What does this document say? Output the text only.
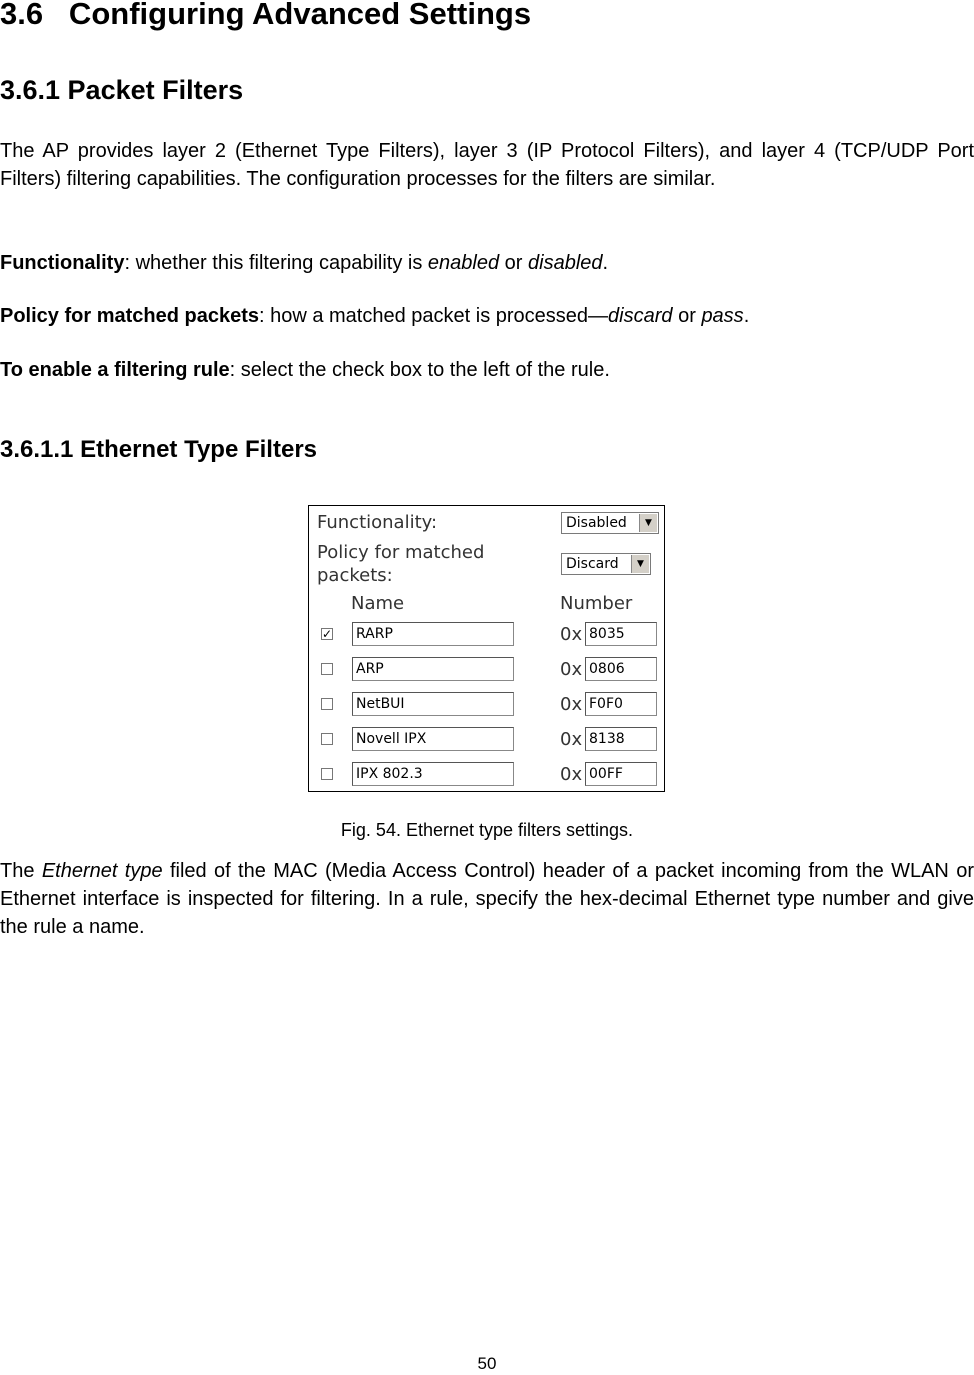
3.6   Configuring Advanced Settings
3.6.1 Packet Filters
The AP provides layer 2 (Ethernet Type Filters), layer 3 (IP Protocol Filters), and layer 4 (TCP/UDP Port Filters) filtering capabilities. The configuration processes for the filters are similar.
Functionality: whether this filtering capability is enabled or disabled.
Policy for matched packets: how a matched packet is processed—discard or pass.
To enable a filtering rule: select the check box to the left of the rule.
3.6.1.1 Ethernet Type Filters
Functionality:	Disabled	▼
Policy for matched
packets:
Discard	▼
Name	Number
✓ RARP	0x 8035
ARP	0x 0806
NetBUI	0x F0F0
Novell IPX	0x 8138
IPX 802.3	0x 00FF
Fig. 54. Ethernet type filters settings.
The Ethernet type filed of the MAC (Media Access Control) header of a packet incoming from the WLAN or Ethernet interface is inspected for filtering. In a rule, specify the hex-decimal Ethernet type number and give the rule a name.
50
